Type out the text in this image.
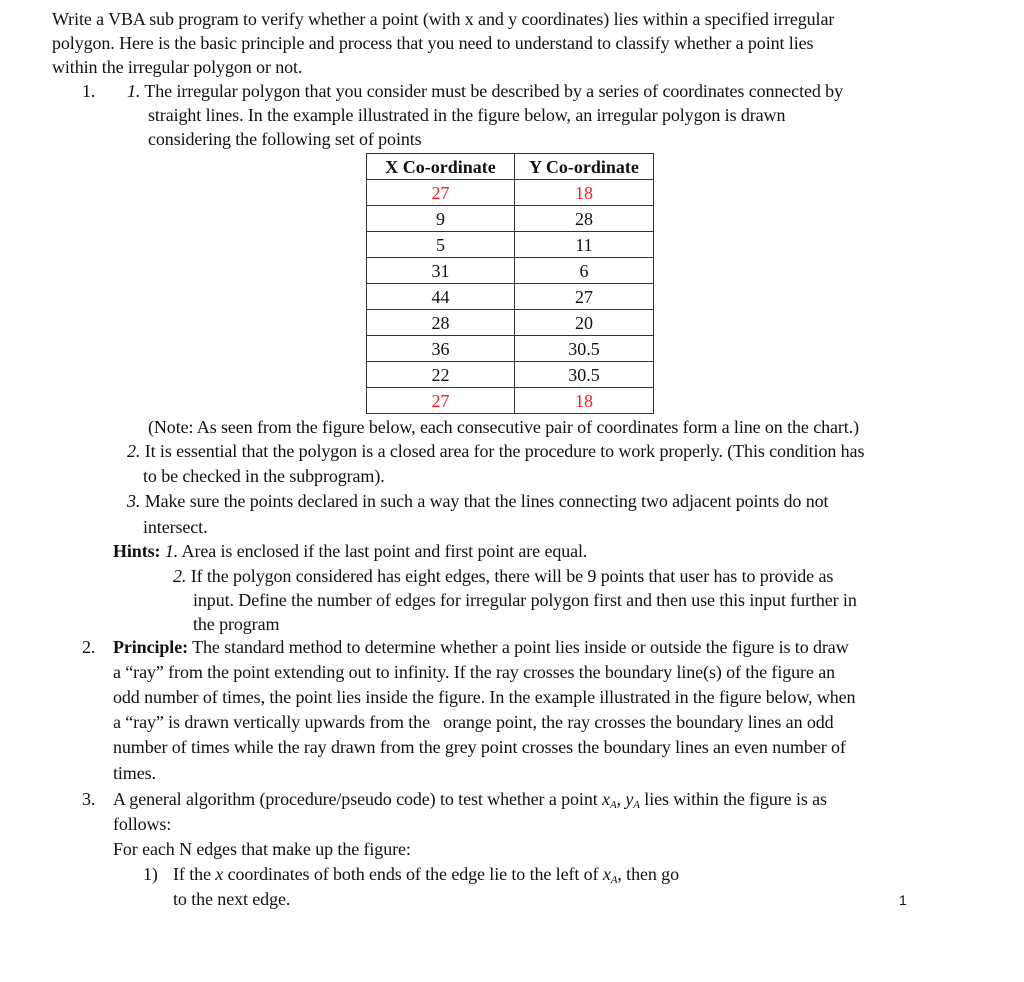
Write a VBA sub program to verify whether a point (with x and y coordinates) lies within a specified irregular
polygon. Here is the basic principle and process that you need to understand to classify whether a point lies
within the irregular polygon or not.
1. 1. The irregular polygon that you consider must be described by a series of coordinates connected by
straight lines. In the example illustrated in the figure below, an irregular polygon is drawn
considering the following set of points
X Co-ordinate	Y Co-ordinate
27	18
9	28
5	11
31	6
44	27
28	20
36	30.5
22	30.5
27	18
(Note: As seen from the figure below, each consecutive pair of coordinates form a line on the chart.)
2. It is essential that the polygon is a closed area for the procedure to work properly. (This condition has
to be checked in the subprogram).
3. Make sure the points declared in such a way that the lines connecting two adjacent points do not
intersect.
Hints: 1. Area is enclosed if the last point and first point are equal.
2. If the polygon considered has eight edges, there will be 9 points that user has to provide as
input. Define the number of edges for irregular polygon first and then use this input further in
the program
2. Principle: The standard method to determine whether a point lies inside or outside the figure is to draw
a “ray” from the point extending out to infinity. If the ray crosses the boundary line(s) of the figure an
odd number of times, the point lies inside the figure. In the example illustrated in the figure below, when
a “ray” is drawn vertically upwards from the   orange point, the ray crosses the boundary lines an odd
number of times while the ray drawn from the grey point crosses the boundary lines an even number of
times.
3. A general algorithm (procedure/pseudo code) to test whether a point $x_A$, $y_A$ lies within the figure is as
follows:
For each N edges that make up the figure:
1) If the x coordinates of both ends of the edge lie to the left of $x_A$, then go
to the next edge.	1
